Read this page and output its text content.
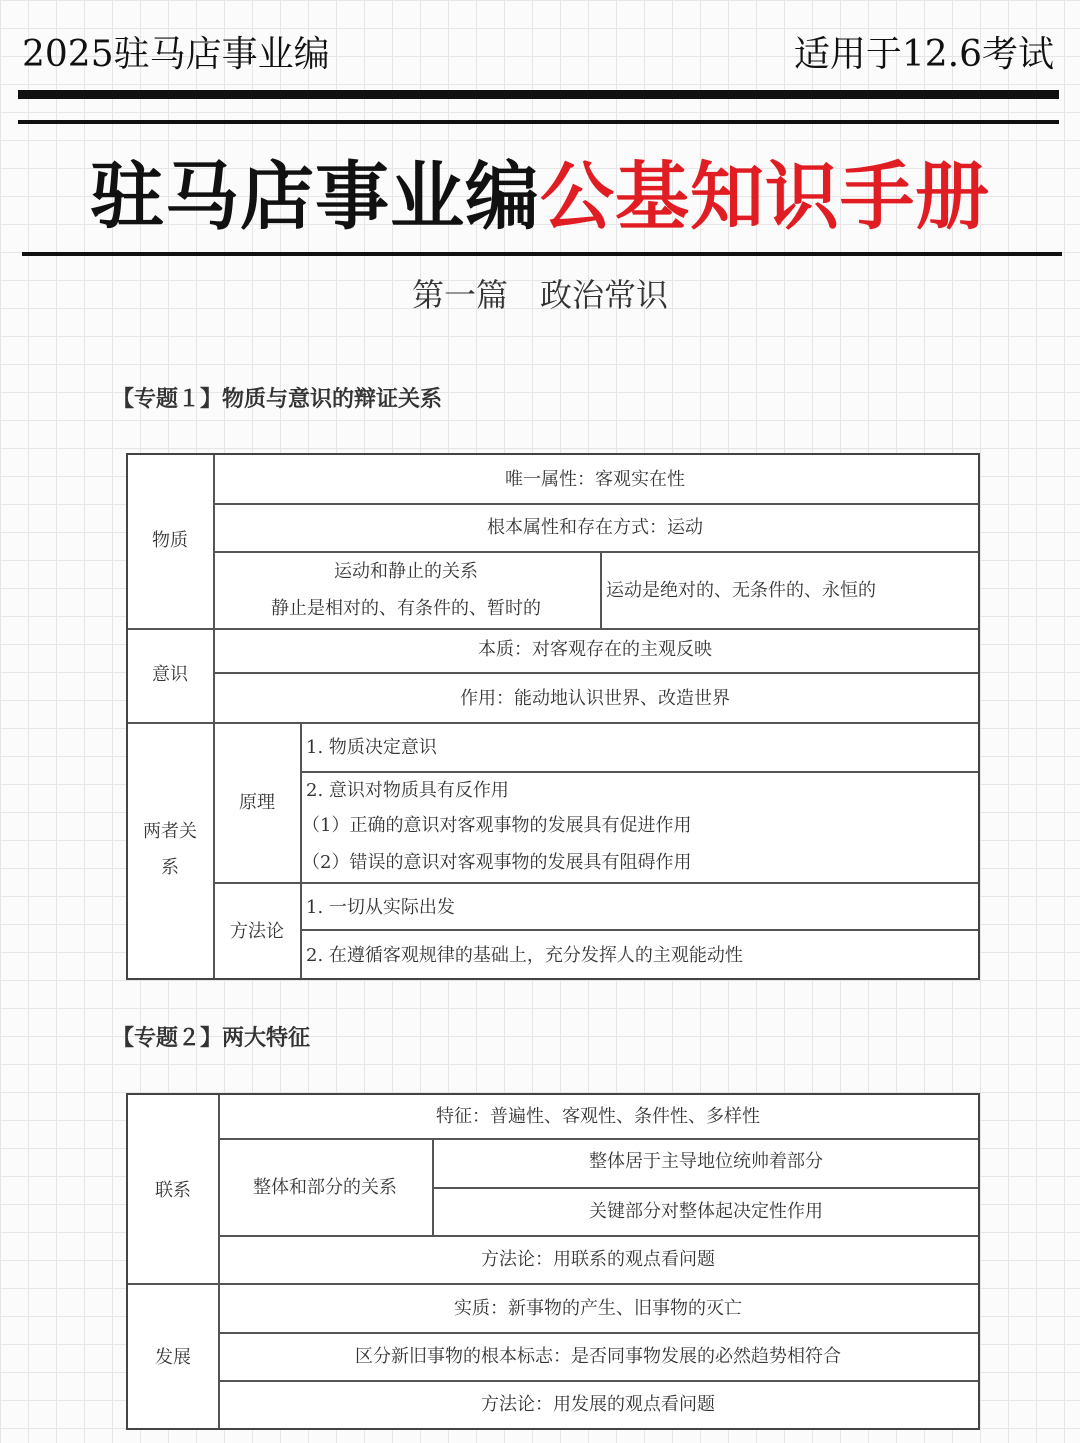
2025驻马店事业编	适用于12.6考试
驻马店事业编公基知识手册
第一篇　政治常识
【专题１】物质与意识的辩证关系
物质
唯一属性：客观实在性
根本属性和存在方式：运动
运动和静止的关系
静止是相对的、有条件的、暂时的
运动是绝对的、无条件的、永恒的
意识
本质：对客观存在的主观反映
作用：能动地认识世界、改造世界
两者关
系
原理
1. 物质决定意识
2. 意识对物质具有反作用
（1）正确的意识对客观事物的发展具有促进作用
（2）错误的意识对客观事物的发展具有阻碍作用
方法论
1. 一切从实际出发
2. 在遵循客观规律的基础上，充分发挥人的主观能动性
【专题２】两大特征
联系
特征：普遍性、客观性、条件性、多样性
整体和部分的关系
整体居于主导地位统帅着部分
关键部分对整体起决定性作用
方法论：用联系的观点看问题
发展
实质：新事物的产生、旧事物的灭亡
区分新旧事物的根本标志：是否同事物发展的必然趋势相符合
方法论：用发展的观点看问题
